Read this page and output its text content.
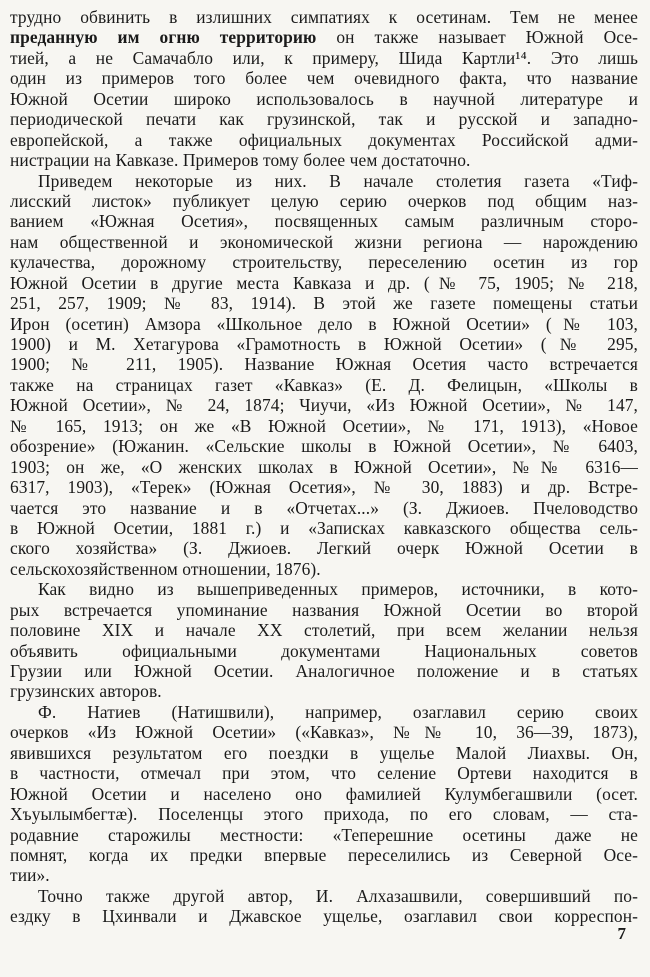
трудно обвинить в излишних симпатиях к осетинам. Тем не менее
преданную им огню территорию он также называет Южной Осе-
тией, а не Самачабло или, к примеру, Шида Картли¹⁴. Это лишь
один из примеров того более чем очевидного факта, что название
Южной Осетии широко использовалось в научной литературе и
периодической печати как грузинской, так и русской и западно-
европейской, а также официальных документах Российской адми-
нистрации на Кавказе. Примеров тому более чем достаточно.
Приведем некоторые из них. В начале столетия газета «Тиф-
лисский листок» публикует целую серию очерков под общим наз-
ванием «Южная Осетия», посвященных самым различным сторо-
нам общественной и экономической жизни региона — нарождению
кулачества, дорожному строительству, переселению осетин из гор
Южной Осетии в другие места Кавказа и др. (№ 75, 1905; № 218,
251, 257, 1909; № 83, 1914). В этой же газете помещены статьи
Ирон (осетин) Амзора «Школьное дело в Южной Осетии» (№ 103,
1900) и М. Хетагурова «Грамотность в Южной Осетии» (№ 295,
1900; № 211, 1905). Название Южная Осетия часто встречается
также на страницах газет «Кавказ» (Е. Д. Фелицын, «Школы в
Южной Осетии», № 24, 1874; Чиучи, «Из Южной Осетии», № 147,
№ 165, 1913; он же «В Южной Осетии», № 171, 1913), «Новое
обозрение» (Южанин. «Сельские школы в Южной Осетии», № 6403,
1903; он же, «О женских школах в Южной Осетии», №№ 6316—
6317, 1903), «Терек» (Южная Осетия», № 30, 1883) и др. Встре-
чается это название и в «Отчетах...» (З. Джиоев. Пчеловодство
в Южной Осетии, 1881 г.) и «Записках кавказского общества сель-
ского хозяйства» (З. Джиоев. Легкий очерк Южной Осетии в
сельскохозяйственном отношении, 1876).
Как видно из вышеприведенных примеров, источники, в кото-
рых встречается упоминание названия Южной Осетии во второй
половине XIX и начале XX столетий, при всем желании нельзя
объявить официальными документами Национальных советов
Грузии или Южной Осетии. Аналогичное положение и в статьях
грузинских авторов.
Ф. Натиев (Натишвили), например, озаглавил серию своих
очерков «Из Южной Осетии» («Кавказ», №№ 10, 36—39, 1873),
явившихся результатом его поездки в ущелье Малой Лиахвы. Он,
в частности, отмечал при этом, что селение Ортеви находится в
Южной Осетии и населено оно фамилией Кулумбегашвили (осет.
Хъуылымбегтæ). Поселенцы этого прихода, по его словам, — ста-
родавние старожилы местности: «Теперешние осетины даже не
помнят, когда их предки впервые переселились из Северной Осе-
тии».
Точно также другой автор, И. Алхазашвили, совершивший по-
ездку в Цхинвали и Джавское ущелье, озаглавил свои корреспон-
7
